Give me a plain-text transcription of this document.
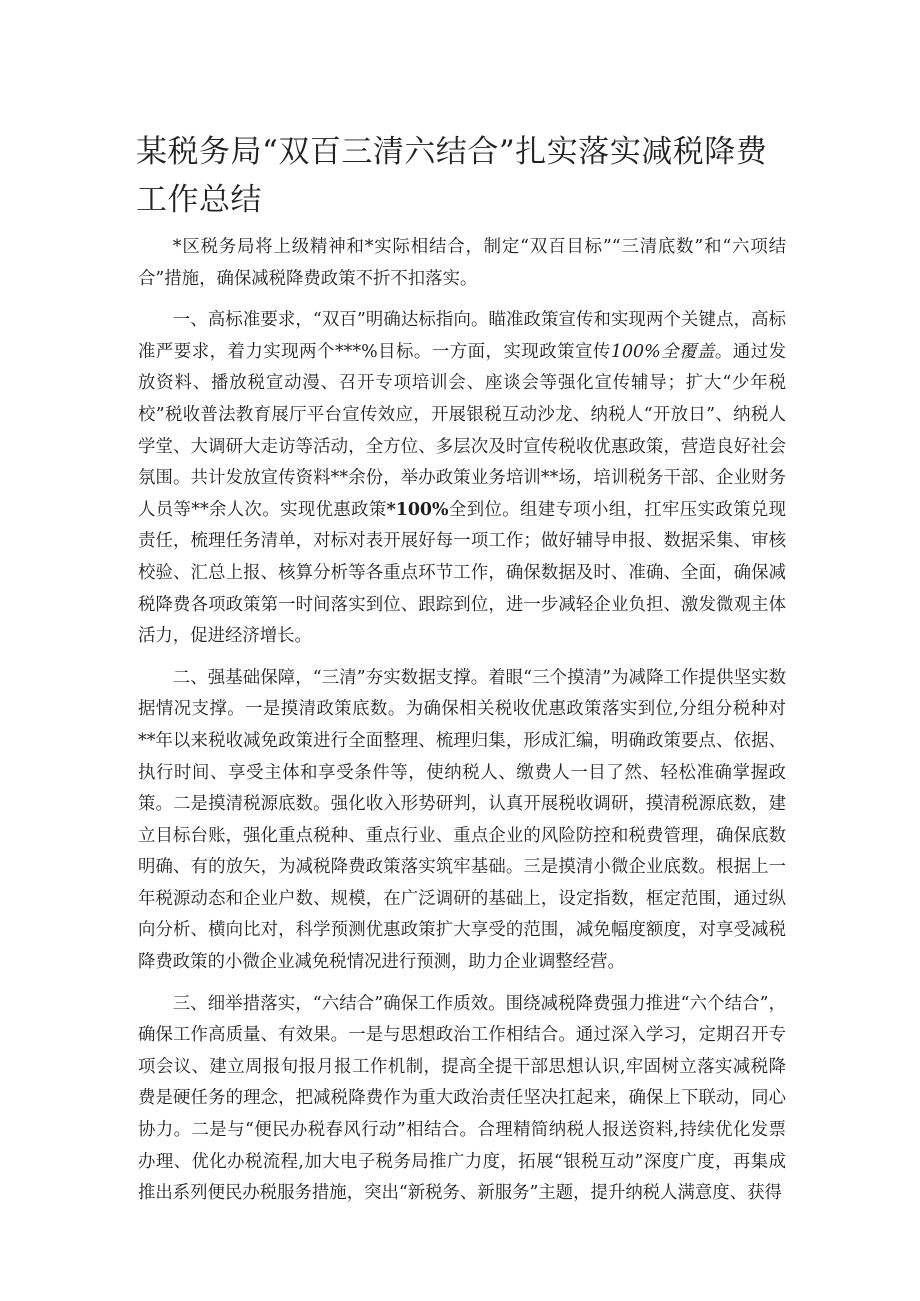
某税务局“双百三清六结合”扎实落实减税降费工作总结

*区税务局将上级精神和*实际相结合，制定“双百目标”“三清底数”和“六项结合”措施，确保减税降费政策不折不扣落实。

一、高标准要求，“双百”明确达标指向。瞄准政策宣传和实现两个关键点，高标准严要求，着力实现两个***%目标。一方面，实现政策宣传100%全覆盖。通过发放资料、播放税宣动漫、召开专项培训会、座谈会等强化宣传辅导；扩大“少年税校”税收普法教育展厅平台宣传效应，开展银税互动沙龙、纳税人“开放日”、纳税人学堂、大调研大走访等活动，全方位、多层次及时宣传税收优惠政策，营造良好社会氛围。共计发放宣传资料**余份，举办政策业务培训**场，培训税务干部、企业财务人员等**余人次。实现优惠政策*100%全到位。组建专项小组，扛牢压实政策兑现责任，梳理任务清单，对标对表开展好每一项工作；做好辅导申报、数据采集、审核校验、汇总上报、核算分析等各重点环节工作，确保数据及时、准确、全面，确保减税降费各项政策第一时间落实到位、跟踪到位，进一步减轻企业负担、激发微观主体活力，促进经济增长。

二、强基础保障，“三清”夯实数据支撑。着眼“三个摸清”为减降工作提供坚实数据情况支撑。一是摸清政策底数。为确保相关税收优惠政策落实到位,分组分税种对**年以来税收减免政策进行全面整理、梳理归集，形成汇编，明确政策要点、依据、执行时间、享受主体和享受条件等，使纳税人、缴费人一目了然、轻松准确掌握政策。二是摸清税源底数。强化收入形势研判，认真开展税收调研，摸清税源底数，建立目标台账，强化重点税种、重点行业、重点企业的风险防控和税费管理，确保底数明确、有的放矢，为减税降费政策落实筑牢基础。三是摸清小微企业底数。根据上一年税源动态和企业户数、规模，在广泛调研的基础上，设定指数，框定范围，通过纵向分析、横向比对，科学预测优惠政策扩大享受的范围，减免幅度额度，对享受减税降费政策的小微企业减免税情况进行预测，助力企业调整经营。

三、细举措落实，“六结合”确保工作质效。围绕减税降费强力推进“六个结合”，确保工作高质量、有效果。一是与思想政治工作相结合。通过深入学习，定期召开专项会议、建立周报旬报月报工作机制，提高全提干部思想认识,牢固树立落实减税降费是硬任务的理念，把减税降费作为重大政治责任坚决扛起来，确保上下联动，同心协力。二是与“便民办税春风行动”相结合。合理精简纳税人报送资料,持续优化发票办理、优化办税流程,加大电子税务局推广力度，拓展“银税互动”深度广度，再集成推出系列便民办税服务措施，突出“新税务、新服务”主题，提升纳税人满意度、获得
